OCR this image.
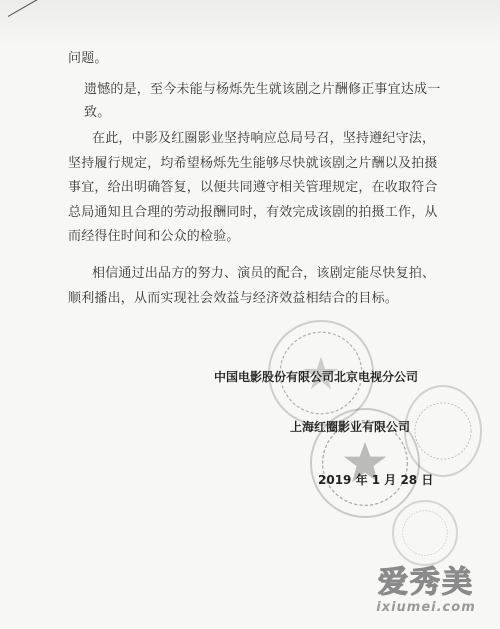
问题。

遗憾的是，至今未能与杨烁先生就该剧之片酬修正事宜达成一致。

在此，中影及红圈影业坚持响应总局号召，坚持遵纪守法，坚持履行规定，均希望杨烁先生能够尽快就该剧之片酬以及拍摄事宜，给出明确答复，以便共同遵守相关管理规定，在收取符合总局通知且合理的劳动报酬同时，有效完成该剧的拍摄工作，从而经得住时间和公众的检验。

相信通过出品方的努力、演员的配合，该剧定能尽快复拍、顺利播出，从而实现社会效益与经济效益相结合的目标。

中国电影股份有限公司北京电视分公司

上海红圈影业有限公司

2019 年 1 月 28 日

爱秀美
ixiumei.com
